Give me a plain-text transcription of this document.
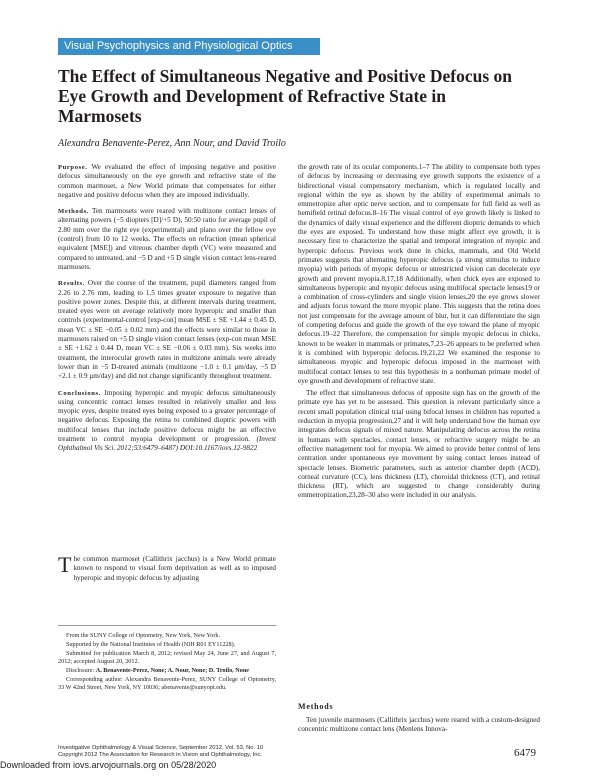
Visual Psychophysics and Physiological Optics
The Effect of Simultaneous Negative and Positive Defocus on Eye Growth and Development of Refractive State in Marmosets
Alexandra Benavente-Perez, Ann Nour, and David Troilo

Purpose. We evaluated the effect of imposing negative and positive defocus simultaneously on the eye growth and refractive state of the common marmoset, a New World primate that compensates for either negative and positive defocus when they are imposed individually.

Methods. Ten marmosets were reared with multizone contact lenses of alternating powers (−5 diopters [D]/+5 D), 50:50 ratio for average pupil of 2.80 mm over the right eye (experimental) and plano over the fellow eye (control) from 10 to 12 weeks. The effects on refraction (mean spherical equivalent [MSE]) and vitreous chamber depth (VC) were measured and compared to untreated, and −5 D and +5 D single vision contact lens-reared marmosets.

Results. Over the course of the treatment, pupil diameters ranged from 2.26 to 2.76 mm, leading to 1.5 times greater exposure to negative than positive power zones. Despite this, at different intervals during treatment, treated eyes were on average relatively more hyperopic and smaller than controls (experimental-control [exp-con] mean MSE ± SE +1.44 ± 0.45 D, mean VC ± SE −0.05 ± 0.02 mm) and the effects were similar to those in marmosets raised on +5 D single vision contact lenses (exp-con mean MSE ± SE +1.62 ± 0.44 D, mean VC ± SE −0.06 ± 0.03 mm). Six weeks into treatment, the interocular growth rates in multizone animals were already lower than in −5 D-treated animals (multizone −1.0 ± 0.1 μm/day, −5 D +2.1 ± 0.9 μm/day) and did not change significantly throughout treatment.

Conclusions. Imposing hyperopic and myopic defocus simultaneously using concentric contact lenses resulted in relatively smaller and less myopic eyes, despite treated eyes being exposed to a greater percentage of negative defocus. Exposing the retina to combined dioptric powers with multifocal lenses that include positive defocus might be an effective treatment to control myopia development or progression. (Invest Ophthalmol Vis Sci. 2012;53:6479–6487) DOI:10.1167/iovs.12-9822

The common marmoset (Callithrix jacchus) is a New World primate known to respond to visual form deprivation as well as to imposed hyperopic and myopic defocus by adjusting

From the SUNY College of Optometry, New York, New York.

Supported by the National Institutes of Health (NIH R01 EY11228).

Submitted for publication March 8, 2012; revised May 24, June 27, and August 7, 2012; accepted August 20, 2012.

Disclosure: A. Benavente-Perez, None; A. Nour, None; D. Troilo, None

Corresponding author: Alexandra Benavente-Perez, SUNY College of Optometry, 33 W 42nd Street, New York, NY 10036; abenavente@sunyopt.edu.

the growth rate of its ocular components.1–7 The ability to compensate both types of defocus by increasing or decreasing eye growth supports the existence of a bidirectional visual compensatory mechanism, which is regulated locally and regional within the eye as shown by the ability of experimental animals to emmetropize after optic nerve section, and to compensate for full field as well as hemifield retinal defocus.8–16 The visual control of eye growth likely is linked to the dynamics of daily visual experience and the different dioptric demands to which the eyes are exposed. To understand how these might affect eye growth, it is necessary first to characterize the spatial and temporal integration of myopic and hyperopic defocus. Previous work done in chicks, mammals, and Old World primates suggests that alternating hyperopic defocus (a strong stimulus to induce myopia) with periods of myopic defocus or unrestricted vision can decelerate eye growth and prevent myopia.8,17,18 Additionally, when chick eyes are exposed to simultaneous hyperopic and myopic defocus using multifocal spectacle lenses19 or a combination of cross-cylinders and single vision lenses,20 the eye grows slower and adjusts focus toward the more myopic plane. This suggests that the retina does not just compensate for the average amount of blur, but it can differentiate the sign of competing defocus and guide the growth of the eye toward the plane of myopic defocus.19–22 Therefore, the compensation for simple myopic defocus in chicks, known to be weaker in mammals or primates,7,23–26 appears to be preferred when it is combined with hyperopic defocus.19,21,22 We examined the response to simultaneous myopic and hyperopic defocus imposed in the marmoset with multifocal contact lenses to test this hypothesis in a nonhuman primate model of eye growth and development of refractive state.

The effect that simultaneous defocus of opposite sign has on the growth of the primate eye has yet to be assessed. This question is relevant particularly since a recent small population clinical trial using bifocal lenses in children has reported a reduction in myopia progression,27 and it will help understand how the human eye integrates defocus signals of mixed nature. Manipulating defocus across the retina in humans with spectacles, contact lenses, or refractive surgery might be an effective management tool for myopia. We aimed to provide better control of lens centration under spontaneous eye movement by using contact lenses instead of spectacle lenses. Biometric parameters, such as anterior chamber depth (ACD), corneal curvature (CC), lens thickness (LT), choroidal thickness (CT), and retinal thickness (RT), which are suggested to change considerably during emmetropization,23,28–30 also were included in our analysis.

Methods
Ten juvenile marmosets (Callithrix jacchus) were reared with a custom-designed concentric multizone contact lens (Menlens Innova-
Investigative Ophthalmology & Visual Science, September 2012, Vol. 53, No. 10
Copyright 2012 The Association for Research in Vision and Ophthalmology, Inc.	6479
Downloaded from iovs.arvojournals.org on 05/28/2020
